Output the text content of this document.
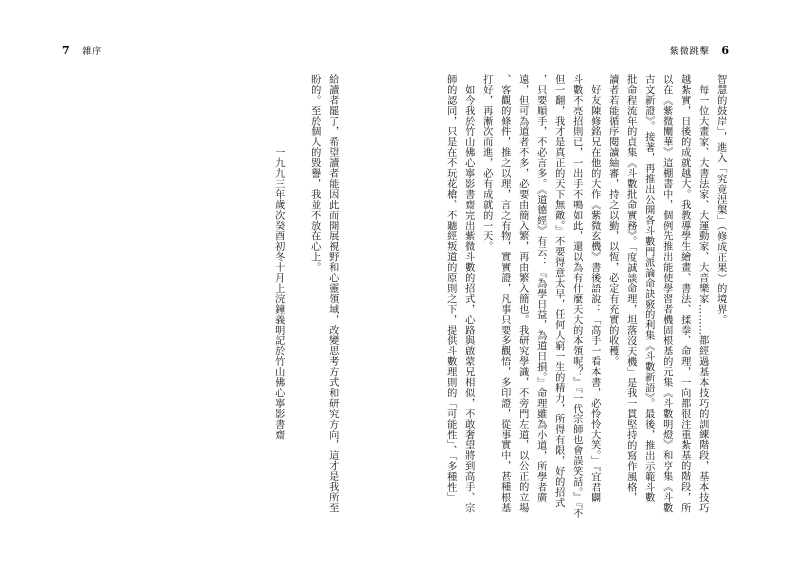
7 雜序	紫微跳擊 6
智慧的鼓岸」，進入「究竟涅槃」（修成正果）的境界。
　每一位大畫家、大書法家、大運動家、大音樂家………都經過基本技巧的訓練階段，基本技巧
越紮實，日後的成就越大。我教導學生繪畫、書法、揉拳、命理，一向都很注重紮基的階段，所
以在《紫微闡華》這棚書中，個例先推出能使學習者機固根基的元集《斗數明燈》和亨集《斗數
古文新證》。接著，再推出公開各斗數門派論命訣竅的利集《斗數新語》。最後，推出示範斗數
批命程流年的貞集《斗數批命實務》。「度誠談命理，坦落沒天機」是我一貫堅持的寫作風格，
讀者若能循序閱讀紬審，持之以勤，以恆，必定有充實的收穫。
　好友陳修銘兄在他的大作《紫微玄機》書後語說：「高手一看本書，必怜怜大笑。」『宜君闢
斗數不亮招則已，一出手不鳴如此，還以為有什麼天大的本領呢？』『一代宗師也會誤笑話。』『不
但一翻，我才是真正的天下無敵。』不要得意太早，任何人窮一生的精力，所得有限，好的招式
，只要順手，不必言多。《道德經》有云：『為學日益，為道日損。』命理雖為小道，所學者廣
遠，但可為道者不多，必要由簡入繁，再由繁入簡也。我研究學識，不旁門左道，以公正的立場
、客觀的條件，推之以理，言之有物，實實證，凡事只要多觀悟，多印證，從事實中，甚種根基
打好，再漸次而進，必有成就的一天。
　如今我於竹山佛心寧影書齋完出紫微斗數的招式，心路與啟蒙兄相似，不敢奢望將到高手、宗
師的認同，只是在不玩花槍、不聽經叛道的原則之下，提供斗數理則的「可能性」、「多種性」
給讀者罷了，希望讀者能因此而開展視野和心靈領域，改變思考方式和研究方向，這才是我所至
盼的。至於個人的毀譽，我並不放在心上。
　　　　　　　一九九三年歲次癸酉初冬十月上浣鐘義明記於竹山佛心寧影書齋
